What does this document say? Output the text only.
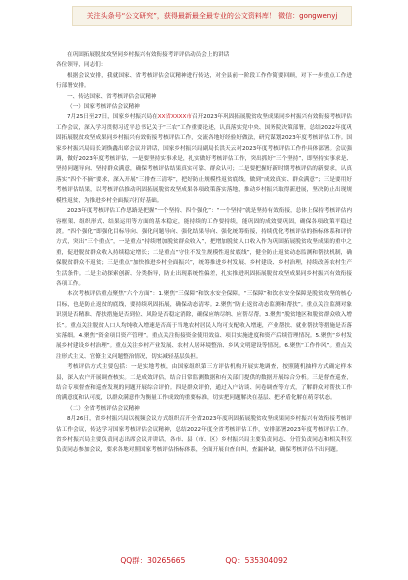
关注头条号“公文研究”，获得最新最全最专业的公文资料库！ 微信：gongwenyj

在巩固拓展脱贫攻坚同乡村振兴有效衔接考评评估动员会上的讲话

各位领导，同志们：

根据会议安排，我就国家、省考核评估会议精神进行传达，对全县前一阶段工作作简要回顾，对下一步重点工作进行部署安排。

一、传达国家、省考核评估会议精神

（一）国家考核评估会议精神

7月25日至27日，国家乡村振兴局在XX省XXXX市召开2023年巩固拓展脱贫攻坚成果同乡村振兴有效衔接考核评估工作会议，深入学习贯彻习近平总书记关于“三农”工作重要论述，认真落实党中央、国务院决策部署，总结2022年度巩固拓展脱贫攻坚成果同乡村振兴有效衔接考核评估工作，交流各地好经验好做法，研究谋划2023年度考核评估工作。国家乡村振兴局局长刘焕鑫出席会议并讲话，国家乡村振兴局副局长洪天云对2023年度考核评估工作作具体部署。会议强调，做好2023年度考核评估，一是要坚持实事求是，扎实做好考核评估工作，突出抓好“三个坚持”，即坚持实事求是、坚持问题导向、坚持群众满意，确保考核评估结果真实可靠、群众认可；二是要把握好新时期考核评估的新要求，认真落实“四个不摘”要求，深入开展“三排查三清零”，把好防止规模性返贫底线，做到“成效真实、群众满意”；三是要用好考核评估结果，以考核评估推动巩固拓展脱贫攻坚成果各项政策落实落地，推动乡村振兴取得新进展，坚决防止出现规模性返贫，为推进乡村全面振兴打好基础。

2023年度考核评估工作思路是把握“一个坚持、四个强化”：“一个坚持”就是坚持有效衔接，总体上保持考核评估内容框架、组织形式、结果运用等方面的基本稳定，能持续的工作要持续，能巩固的成效要巩固，确保各项政策平稳过渡。“四个强化”即强化目标导向、强化问题导向、强化结果导向、强化统筹衔接，持续优化考核评估的指标体系和评价方式，突出“三个重点”，一是重点“持续增加脱贫群众收入”，把增加脱贫人口收入作为巩固拓展脱贫攻坚成果的重中之重，促进脱贫群众收入持续稳定增长；二是重点“守住不发生规模性返贫底线”，健全防止返贫动态监测和帮扶机制，确保脱贫群众不返贫；三是重点“加快推进乡村全面振兴”，统筹推进乡村发展、乡村建设、乡村治理，持续改善农村生产生活条件。二是主动探索创新、分类指导，防止出现系统性偏差，扎实推进巩固拓展脱贫攻坚成果同乡村振兴有效衔接各项工作。

本次考核评估重点聚焦“六个方面”：1.聚焦“三保障”和饮水安全保障。“三保障”和饮水安全保障是脱贫攻坚的核心目标，也是防止返贫的底线，要持续巩固拓展，确保动态清零。2.聚焦“防止返贫动态监测和帮扶”。重点关注监测对象识别是否精准、帮扶措施是否到位、风险是否稳定消除，确保应纳尽纳、应帮尽帮。3.聚焦“脱贫地区和脱贫群众收入增长”。重点关注脱贫人口人均纯收入增速是否高于当地农村居民人均可支配收入增速，产业帮扶、就业帮扶等措施是否落实落细。4.聚焦“资金项目资产管理”。重点关注衔接资金使用效益、项目实施进度和资产后续管理情况。5.聚焦“乡村发展乡村建设乡村治理”。重点关注乡村产业发展、农村人居环境整治、乡风文明建设等情况。6.聚焦“工作作风”。重点关注形式主义、官僚主义问题整治情况，切实减轻基层负担。

考核评估方式主要包括：一是实地考核，由国家组织第三方评估机构开展实地调查，按照随机抽样方式确定样本县，深入农户开展调查核实。二是成效评估，结合日常监测数据和有关部门提供的数据开展综合分析。三是督查巡查，结合专项督查和巡查发现的问题开展综合评价。四是群众评价，通过入户访谈、问卷调查等方式，了解群众对帮扶工作的满意度和认可度，以群众满意作为衡量工作成效的重要标准，切实把问题解决在基层、把矛盾化解在萌芽状态。

（二）全省考核评估会议精神

8月26日，省乡村振兴局以视频会议方式组织召开全省2023年度巩固拓展脱贫攻坚成果同乡村振兴有效衔接考核评估工作会议，传达学习国家考核评估会议精神，总结2022年度全省考核评估工作，安排部署2023年度考核评估工作。省乡村振兴局主要负责同志出席会议并讲话，各市、县（市、区）乡村振兴局主要负责同志、分管负责同志和相关科室负责同志参加会议，要求各地对照国家考核评估指标体系，全面开展自查自纠，查漏补缺，确保考核评估不出问题。

QQ群：30265665	QQ：535304092
